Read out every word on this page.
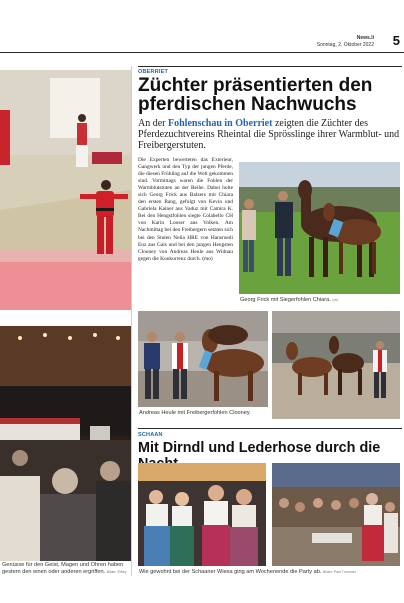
News.li
Sonntag, 2. Oktober 2022 5
Genüsse für den Geist, Magen und Ohren haben gestern den einen oder anderen ergriffen. Bilder: Elfrey
OBERRIET
Züchter präsentierten den pferdischen Nachwuchs
An der Fohlenschau in Oberriet zeigten die Züchter des Pferdezuchtvereins Rheintal die Sprösslinge ihrer Warmblut- und Freibergerstuten.
Die Experten bewerteten das Exterieur, Gangwerk und den Typ der jungen Pferde, die diesen Frühling auf die Welt gekommen sind. Vormittags waren die Fohlen der Warmblutstuten an der Reihe. Dabei holte sich Georg Frick aus Balzers mit Chiara den ersten Rang, gefolgt von Kevin und Gabriela Kainer aus Vaduz mit Camira K. Bei den Hengstfohlen siegte Colabello CH von Karin Looser aus Volken. Am Nachmittag bei den Freibergern setzten sich bei den Stuten Nelia HRE von Hansruedi Enz aus Gais und bei den jungen Hengsten Clooney von Andreas Heule aus Widnau gegen die Konkurrenz durch. (mo)
Georg Frick mit Siegerfohlen Chiara. (ch)
Andreas Heule mit Freibergerfohlen Clooney.
SCHAAN
Mit Dirndl und Lederhose durch die
Wie gewohnt bei der Schaaner Wiesa ging am Wochenende die Party ab. Bilder: Paul Trummer
